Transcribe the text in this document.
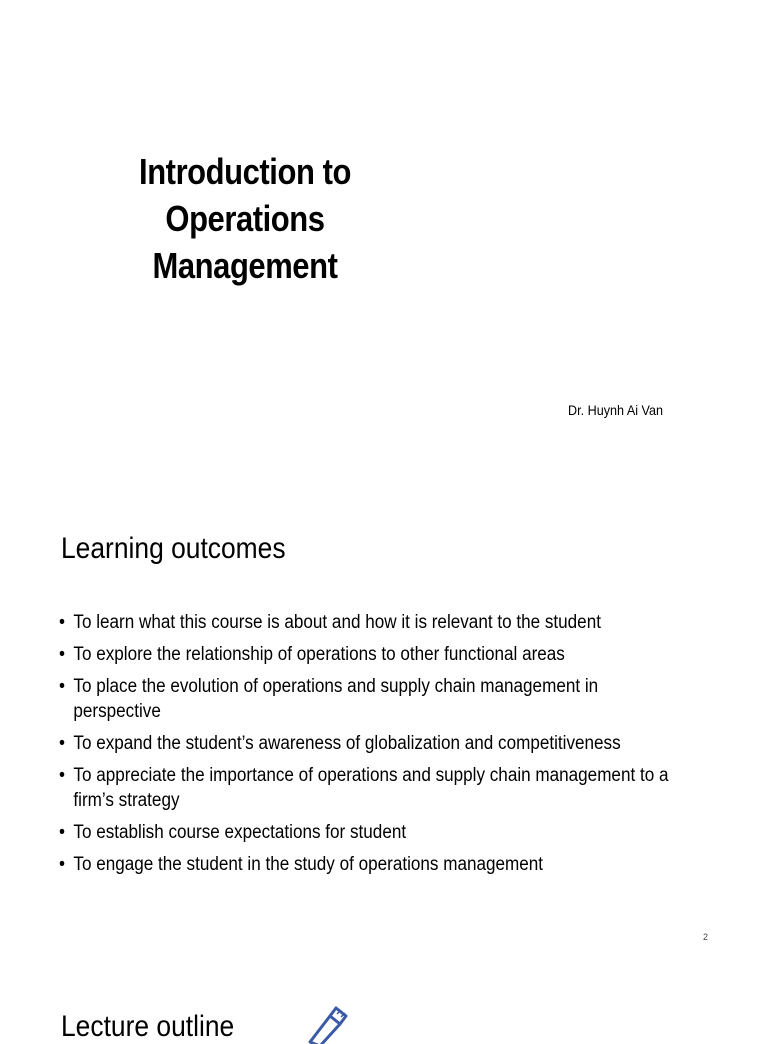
Introduction to
Operations
Management
Dr. Huynh Ai Van
Learning outcomes
• To learn what this course is about and how it is relevant to the student
• To explore the relationship of operations to other functional areas
• To place the evolution of operations and supply chain management in perspective
• To expand the student’s awareness of globalization and competitiveness
• To appreciate the importance of operations and supply chain management to a firm’s strategy
• To establish course expectations for student
• To engage the student in the study of operations management
2
Lecture outline
